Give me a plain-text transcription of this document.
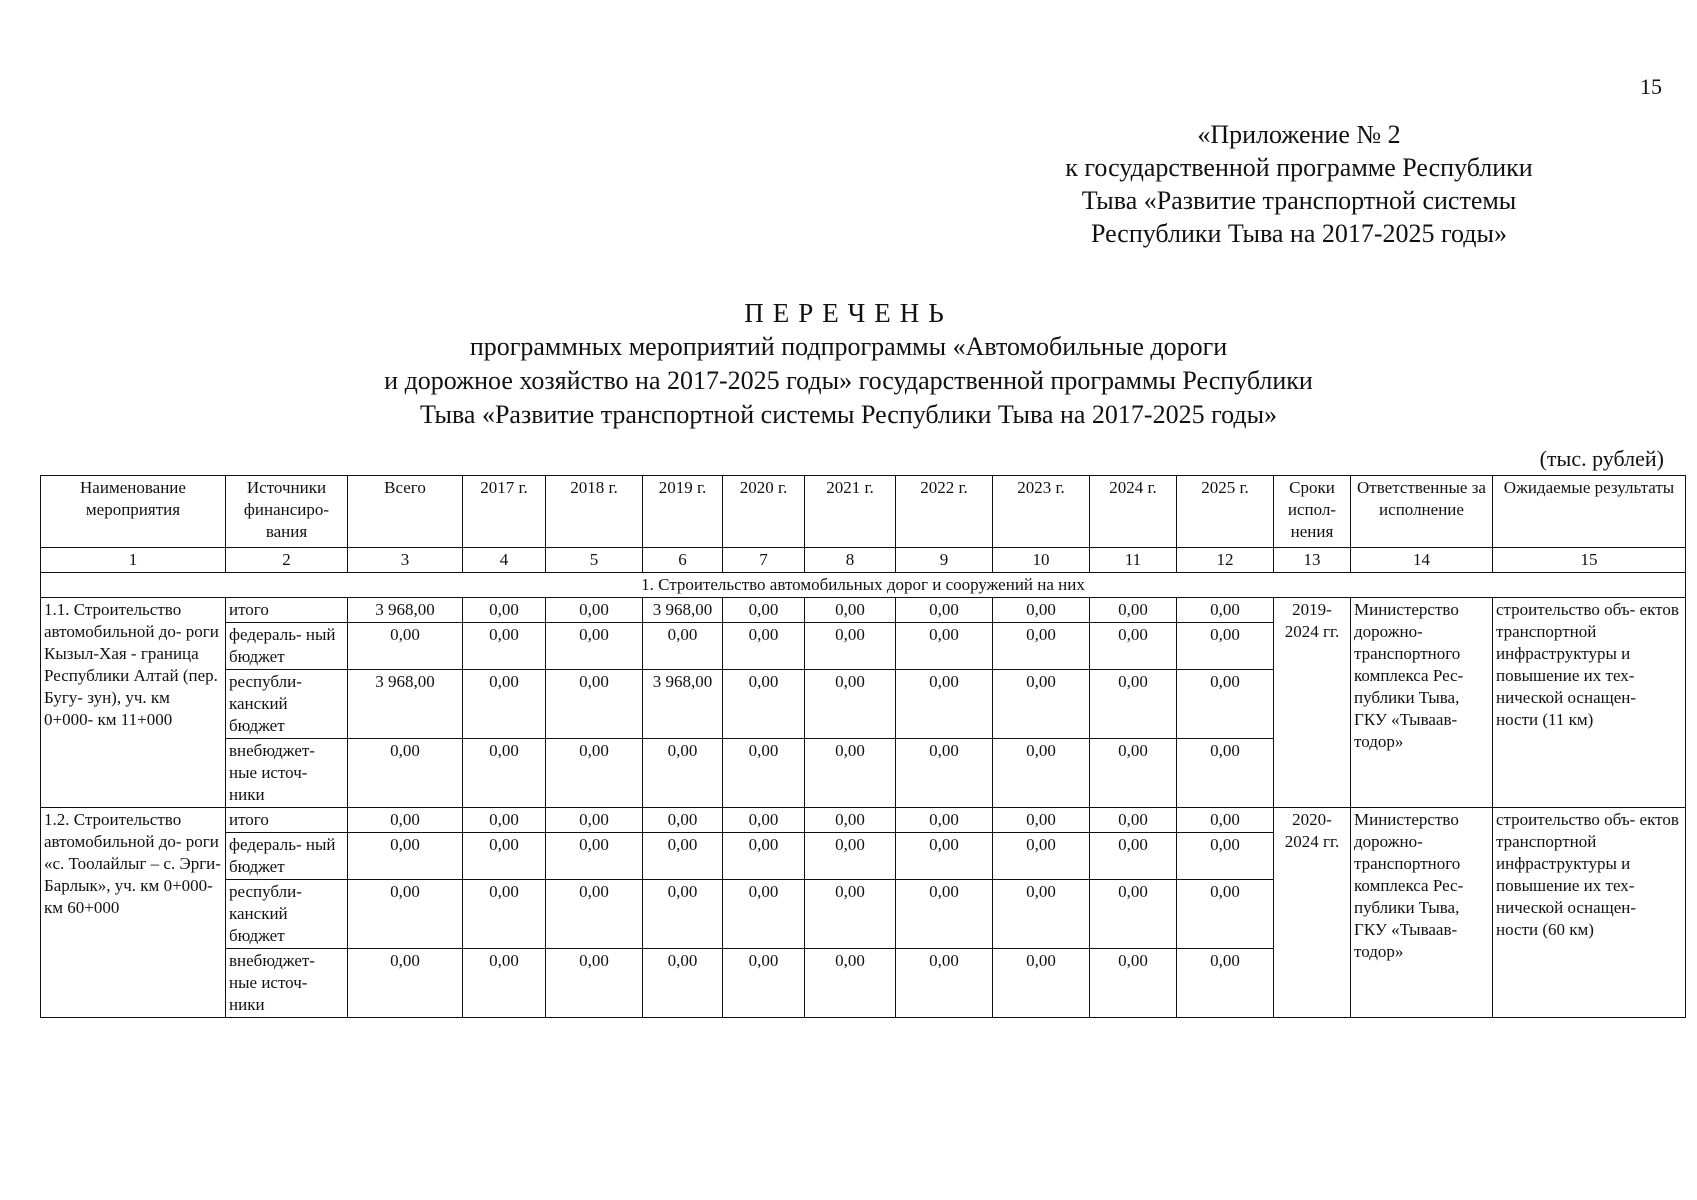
15
«Приложение № 2
к государственной программе Республики
Тыва «Развитие транспортной системы
Республики Тыва на 2017-2025 годы»
ПЕРЕЧЕНЬ
программных мероприятий подпрограммы «Автомобильные дороги
и дорожное хозяйство на 2017-2025 годы» государственной программы Республики
Тыва «Развитие транспортной системы Республики Тыва на 2017-2025 годы»
(тыс. рублей)
Наименование мероприятия	Источники финансиро- вания	Всего	2017 г.	2018 г.	2019 г.	2020 г.	2021 г.	2022 г.	2023 г.	2024 г.	2025 г.	Сроки испол- нения	Ответственные за исполнение	Ожидаемые результаты
1	2	3	4	5	6	7	8	9	10	11	12	13	14	15
1. Строительство автомобильных дорог и сооружений на них														
1.1. Строительство автомобильной до- роги Кызыл-Хая - граница Республики Алтай (пер. Бугу- зун), уч. км 0+000- км 11+000	итого	3 968,00	0,00	0,00	3 968,00	0,00	0,00	0,00	0,00	0,00	0,00	2019- 2024 гг.	Министерство дорожно- транспортного комплекса Рес- публики Тыва, ГКУ «Тываав- тодор»	строительство объ- ектов транспортной инфраструктуры и повышение их тех- нической оснащен- ности (11 км)
	федераль- ный бюджет	0,00	0,00	0,00	0,00	0,00	0,00	0,00	0,00	0,00	0,00			
	республи- канский бюджет	3 968,00	0,00	0,00	3 968,00	0,00	0,00	0,00	0,00	0,00	0,00			
	внебюджет- ные источ- ники	0,00	0,00	0,00	0,00	0,00	0,00	0,00	0,00	0,00	0,00			
1.2. Строительство автомобильной до- роги «с. Тоолайлыг – с. Эрги-Барлык», уч. км 0+000-км 60+000	итого	0,00	0,00	0,00	0,00	0,00	0,00	0,00	0,00	0,00	0,00	2020- 2024 гг.	Министерство дорожно- транспортного комплекса Рес- публики Тыва, ГКУ «Тываав- тодор»	строительство объ- ектов транспортной инфраструктуры и повышение их тех- нической оснащен- ности (60 км)
	федераль- ный бюджет	0,00	0,00	0,00	0,00	0,00	0,00	0,00	0,00	0,00	0,00			
	республи- канский бюджет	0,00	0,00	0,00	0,00	0,00	0,00	0,00	0,00	0,00	0,00			
	внебюджет- ные источ- ники	0,00	0,00	0,00	0,00	0,00	0,00	0,00	0,00	0,00	0,00			
